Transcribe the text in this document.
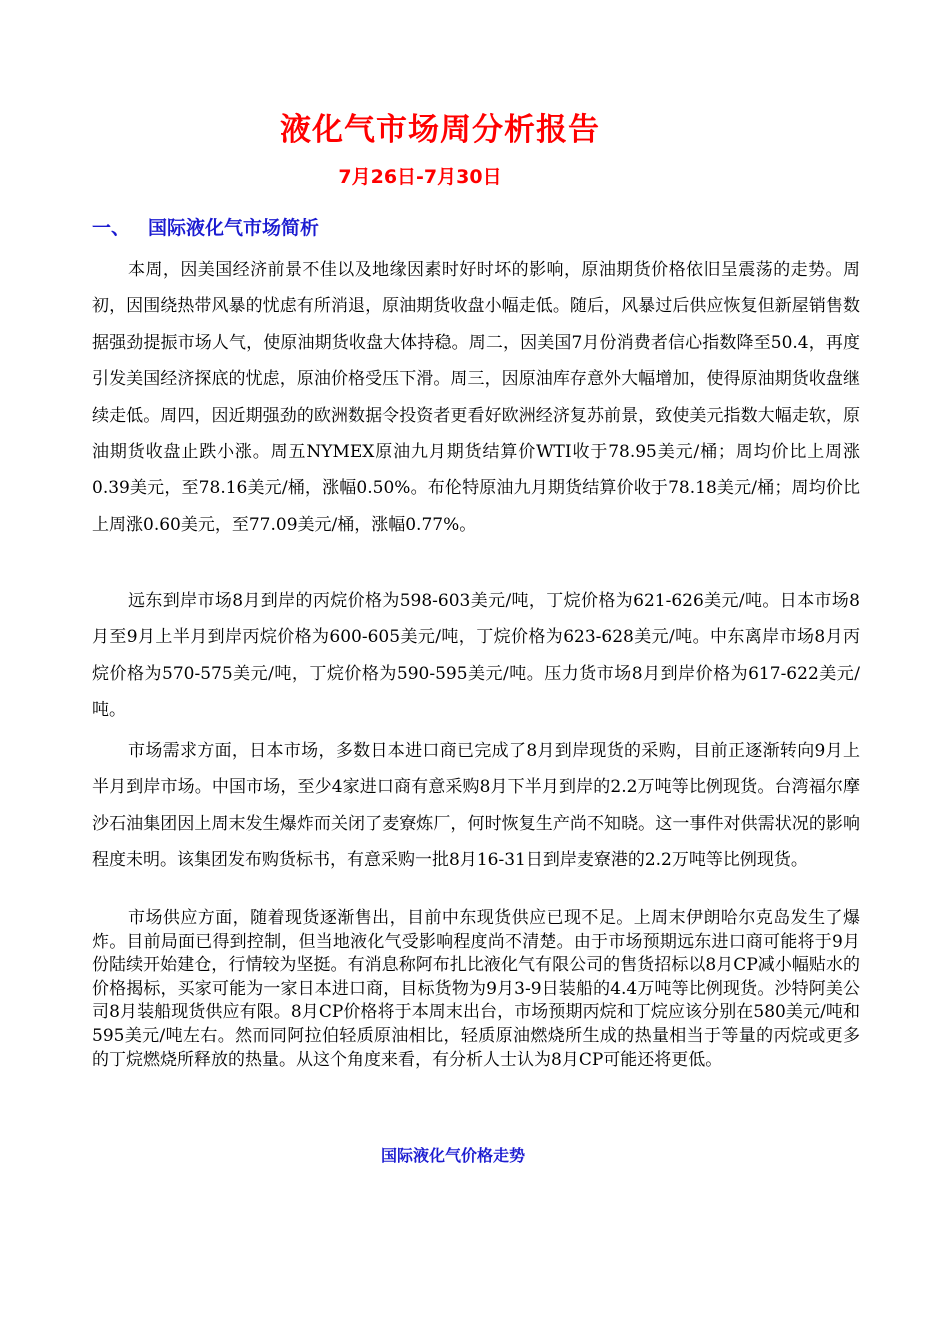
液化气市场周分析报告
7月26日-7月30日
一、 国际液化气市场简析

本周，因美国经济前景不佳以及地缘因素时好时坏的影响，原油期货价格依旧呈震荡的走势。周初，因围绕热带风暴的忧虑有所消退，原油期货收盘小幅走低。随后，风暴过后供应恢复但新屋销售数据强劲提振市场人气，使原油期货收盘大体持稳。周二，因美国7月份消费者信心指数降至50.4，再度引发美国经济探底的忧虑，原油价格受压下滑。周三，因原油库存意外大幅增加，使得原油期货收盘继续走低。周四，因近期强劲的欧洲数据令投资者更看好欧洲经济复苏前景，致使美元指数大幅走软，原油期货收盘止跌小涨。周五NYMEX原油九月期货结算价WTI收于78.95美元/桶；周均价比上周涨0.39美元，至78.16美元/桶，涨幅0.50%。布伦特原油九月期货结算价收于78.18美元/桶；周均价比上周涨0.60美元，至77.09美元/桶，涨幅0.77%。

远东到岸市场8月到岸的丙烷价格为598-603美元/吨，丁烷价格为621-626美元/吨。日本市场8月至9月上半月到岸丙烷价格为600-605美元/吨，丁烷价格为623-628美元/吨。中东离岸市场8月丙烷价格为570-575美元/吨，丁烷价格为590-595美元/吨。压力货市场8月到岸价格为617-622美元/吨。

市场需求方面，日本市场，多数日本进口商已完成了8月到岸现货的采购，目前正逐渐转向9月上半月到岸市场。中国市场，至少4家进口商有意采购8月下半月到岸的2.2万吨等比例现货。台湾福尔摩沙石油集团因上周末发生爆炸而关闭了麦寮炼厂，何时恢复生产尚不知晓。这一事件对供需状况的影响程度未明。该集团发布购货标书，有意采购一批8月16-31日到岸麦寮港的2.2万吨等比例现货。

市场供应方面，随着现货逐渐售出，目前中东现货供应已现不足。上周末伊朗哈尔克岛发生了爆炸。目前局面已得到控制，但当地液化气受影响程度尚不清楚。由于市场预期远东进口商可能将于9月份陆续开始建仓，行情较为坚挺。有消息称阿布扎比液化气有限公司的售货招标以8月CP减小幅贴水的价格揭标，买家可能为一家日本进口商，目标货物为9月3-9日装船的4.4万吨等比例现货。沙特阿美公司8月装船现货供应有限。8月CP价格将于本周末出台，市场预期丙烷和丁烷应该分别在580美元/吨和595美元/吨左右。然而同阿拉伯轻质原油相比，轻质原油燃烧所生成的热量相当于等量的丙烷或更多的丁烷燃烧所释放的热量。从这个角度来看，有分析人士认为8月CP可能还将更低。

国际液化气价格走势
